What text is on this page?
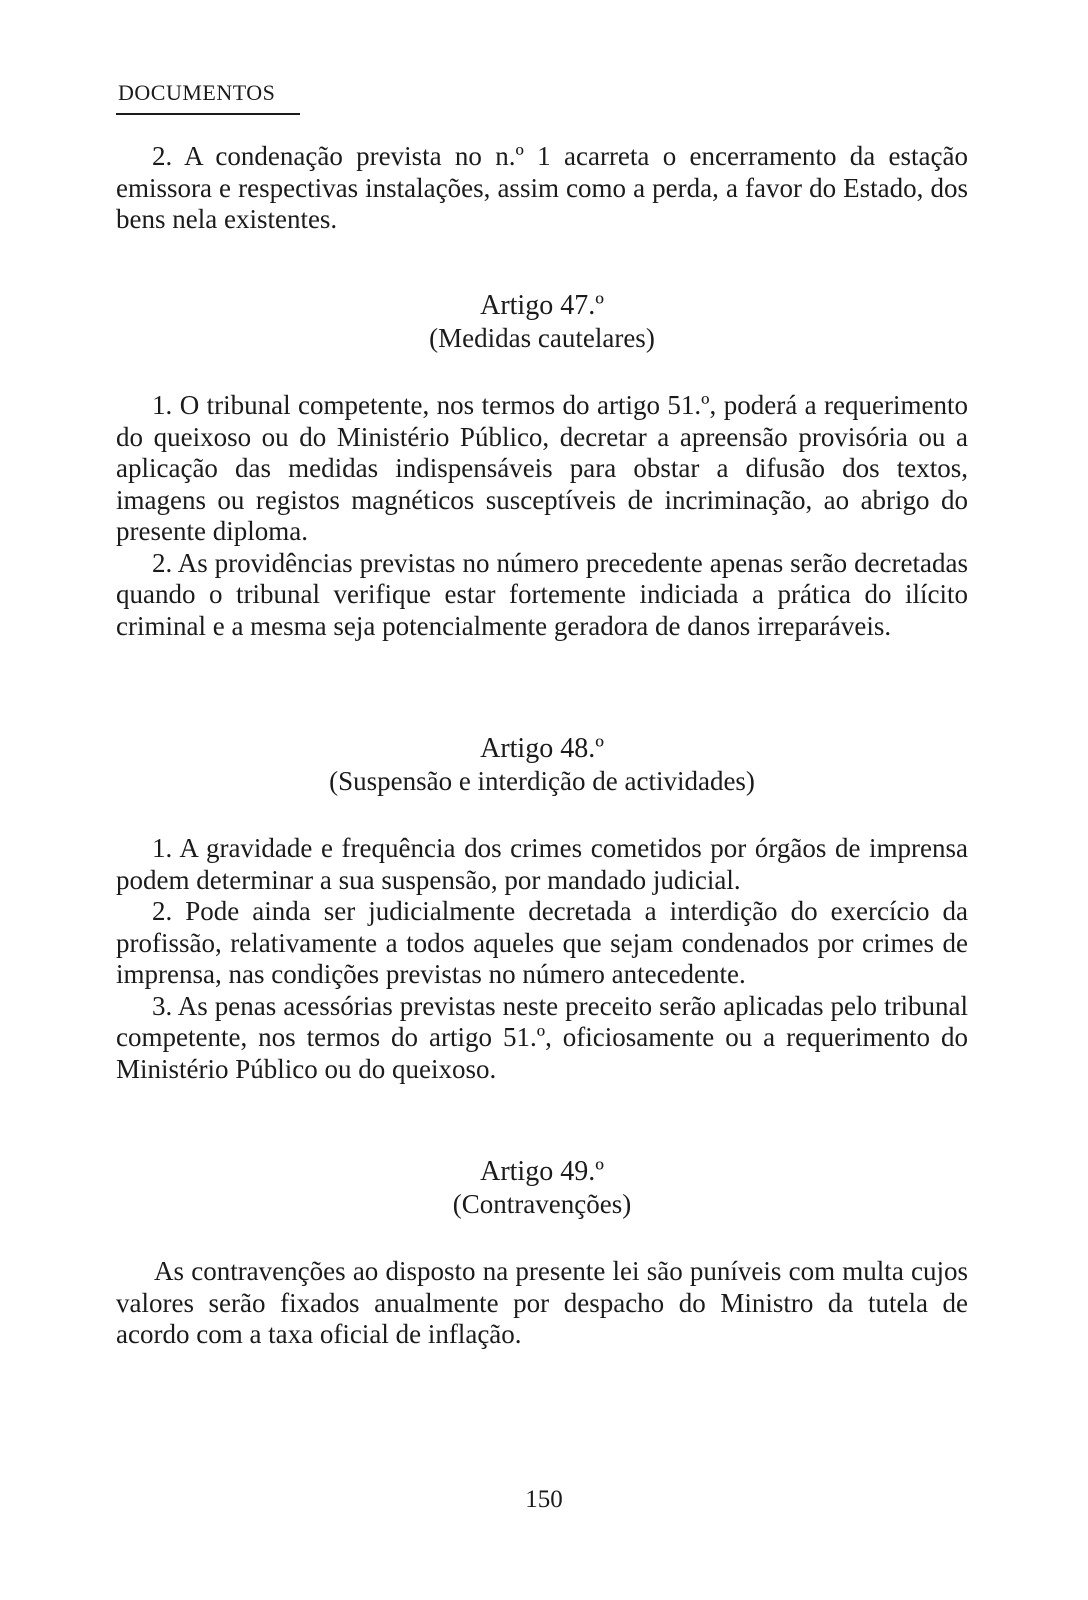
DOCUMENTOS

2. A condenação prevista no n.º 1 acarreta o encerramento da estação emissora e respectivas instalações, assim como a perda, a favor do Estado, dos bens nela existentes.

Artigo 47.º
(Medidas cautelares)

1. O tribunal competente, nos termos do artigo 51.º, poderá a requerimento do queixoso ou do Ministério Público, decretar a apreensão provisória ou a aplicação das medidas indispensáveis para obstar a difusão dos textos, imagens ou registos magnéticos susceptíveis de incriminação, ao abrigo do presente diploma.

2. As providências previstas no número precedente apenas serão decretadas quando o tribunal verifique estar fortemente indiciada a prática do ilícito criminal e a mesma seja potencialmente geradora de danos irreparáveis.

Artigo 48.º
(Suspensão e interdição de actividades)

1. A gravidade e frequência dos crimes cometidos por órgãos de imprensa podem determinar a sua suspensão, por mandado judicial.

2. Pode ainda ser judicialmente decretada a interdição do exercício da profissão, relativamente a todos aqueles que sejam condenados por crimes de imprensa, nas condições previstas no número antecedente.

3. As penas acessórias previstas neste preceito serão aplicadas pelo tribunal competente, nos termos do artigo 51.º, oficiosamente ou a requerimento do Ministério Público ou do queixoso.

Artigo 49.º
(Contravenções)

As contravenções ao disposto na presente lei são puníveis com multa cujos valores serão fixados anualmente por despacho do Ministro da tutela de acordo com a taxa oficial de inflação.

150
